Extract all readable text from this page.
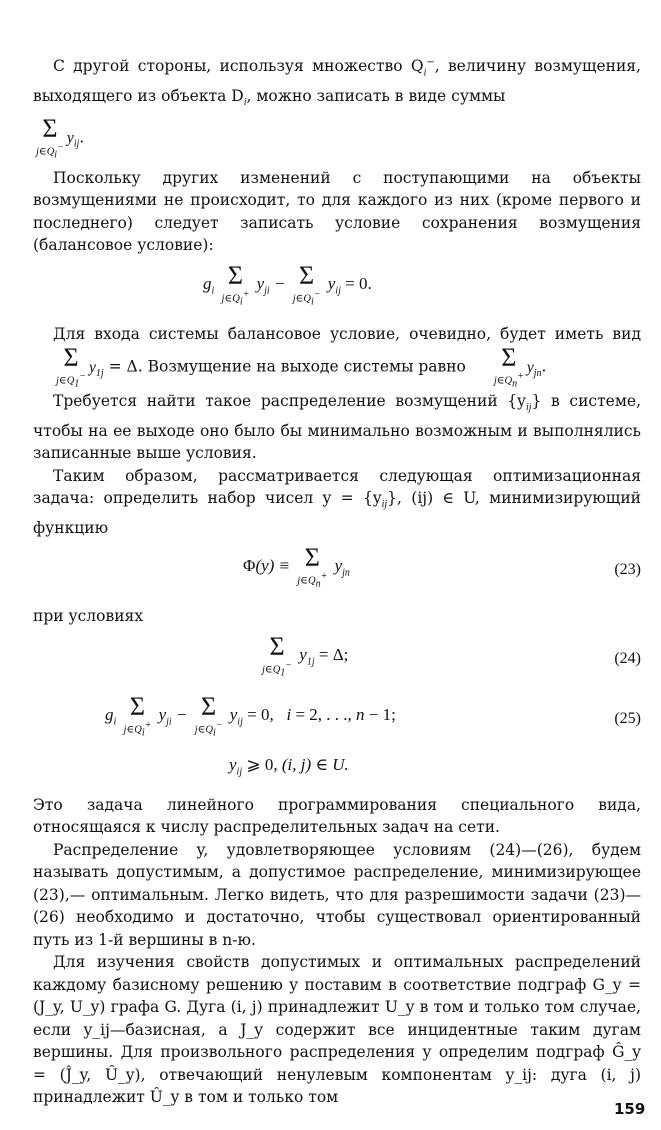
С другой стороны, используя множество $Q_i^-$, величину возмущения, выходящего из объекта $D_i$, можно записать в виде суммы

Σ
$j\in Q_i^-$
$y_{ij}$.

Поскольку других изменений с поступающими на объекты возмущениями не происходит, то для каждого из них (кроме первого и последнего) следует записать условие сохранения возмущения (балансовое условие):

$g_i$
Σ
$j\in Q_i^+$
$y_{ji} - \Sigma$
$j\in Q_i^-$
$y_{ij} = 0$.

Для входа системы балансовое условие, очевидно, будет иметь вид
Σ
$j\in Q_1^-$
$y_{1j} = \Delta$. Возмущение на выходе системы равно	Σ
$j\in Q_n^+$
$y_{jn}$.

Требуется найти такое распределение возмущений $\{y_{ij}\}$ в системе, чтобы на ее выходе оно было бы минимально возможным и выполнялись записанные выше условия.

Таким образом, рассматривается следующая оптимизационная задача: определить набор чисел $y = \{y_{ij}\}$, (ij) ∈ U, минимизирующий функцию

Φ(y) ≡ Σ
$j\in Q_n^+$
$y_{jn}$	(23)

при условиях

Σ
$j\in Q_1^-$
$y_{1j} = \Delta$;	(24)
$g_i$
Σ
$j\in Q_i^+$
$y_{ji} - \Sigma$
$j\in Q_i^-$
$y_{ij} = 0$,   i = 2, . . ., n − 1;	(25)
$y_{ij}$ ⩾ 0, (i, j) ∈ U.

Это задача линейного программирования специального вида, относящаяся к числу распределительных задач на сети.

Распределение y, удовлетворяющее условиям (24)—(26), будем называть допустимым, а допустимое распределение, минимизирующее (23),— оптимальным. Легко видеть, что для разрешимости задачи (23)—(26) необходимо и достаточно, чтобы существовал ориентированный путь из 1-й вершины в n-ю.

Для изучения свойств допустимых и оптимальных распределений каждому базисному решению y поставим в соответствие подграф G_y = (J_y, U_y) графа G. Дуга (i, j) принадлежит U_y в том и только том случае, если y_ij—базисная, а J_y содержит все инцидентные таким дугам вершины. Для произвольного распределения y определим подграф Ĝ_y = (Ĵ_y, Û_y), отвечающий ненулевым компонентам y_ij: дуга (i, j) принадлежит Û_y в том и только том

159
